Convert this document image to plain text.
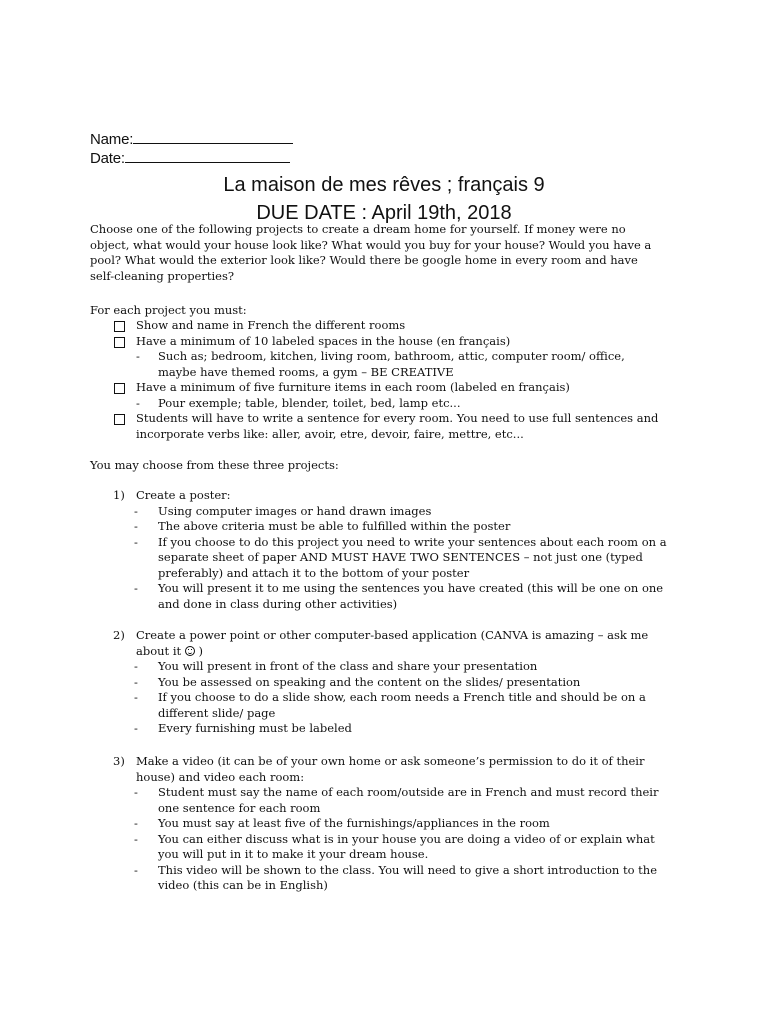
Name:
Date:
La maison de mes rêves ; français 9
DUE DATE : April 19th, 2018

Choose one of the following projects to create a dream home for yourself. If money were no object, what would your house look like? What would you buy for your house? Would you have a pool? What would the exterior look like? Would there be google home in every room and have self-cleaning properties?

For each project you must:

Show and name in French the different rooms
Have a minimum of 10 labeled spaces in the house (en français)
- Such as; bedroom, kitchen, living room, bathroom, attic, computer room/ office, maybe have themed rooms, a gym – BE CREATIVE
Have a minimum of five furniture items in each room (labeled en français)
- Pour exemple; table, blender, toilet, bed, lamp etc...
Students will have to write a sentence for every room. You need to use full sentences and incorporate verbs like: aller, avoir, etre, devoir, faire, mettre, etc...

You may choose from these three projects:

1) Create a poster:
- Using computer images or hand drawn images
- The above criteria must be able to fulfilled within the poster
- If you choose to do this project you need to write your sentences about each room on a separate sheet of paper AND MUST HAVE TWO SENTENCES – not just one (typed preferably) and attach it to the bottom of your poster
- You will present it to me using the sentences you have created (this will be one on one and done in class during other activities)
2) Create a power point or other computer-based application (CANVA is amazing – ask me about it )
- You will present in front of the class and share your presentation
- You be assessed on speaking and the content on the slides/ presentation
- If you choose to do a slide show, each room needs a French title and should be on a different slide/ page
- Every furnishing must be labeled
3) Make a video (it can be of your own home or ask someone’s permission to do it of their house) and video each room:
- Student must say the name of each room/outside are in French and must record their one sentence for each room
- You must say at least five of the furnishings/appliances in the room
- You can either discuss what is in your house you are doing a video of or explain what you will put in it to make it your dream house.
- This video will be shown to the class. You will need to give a short introduction to the video (this can be in English)
